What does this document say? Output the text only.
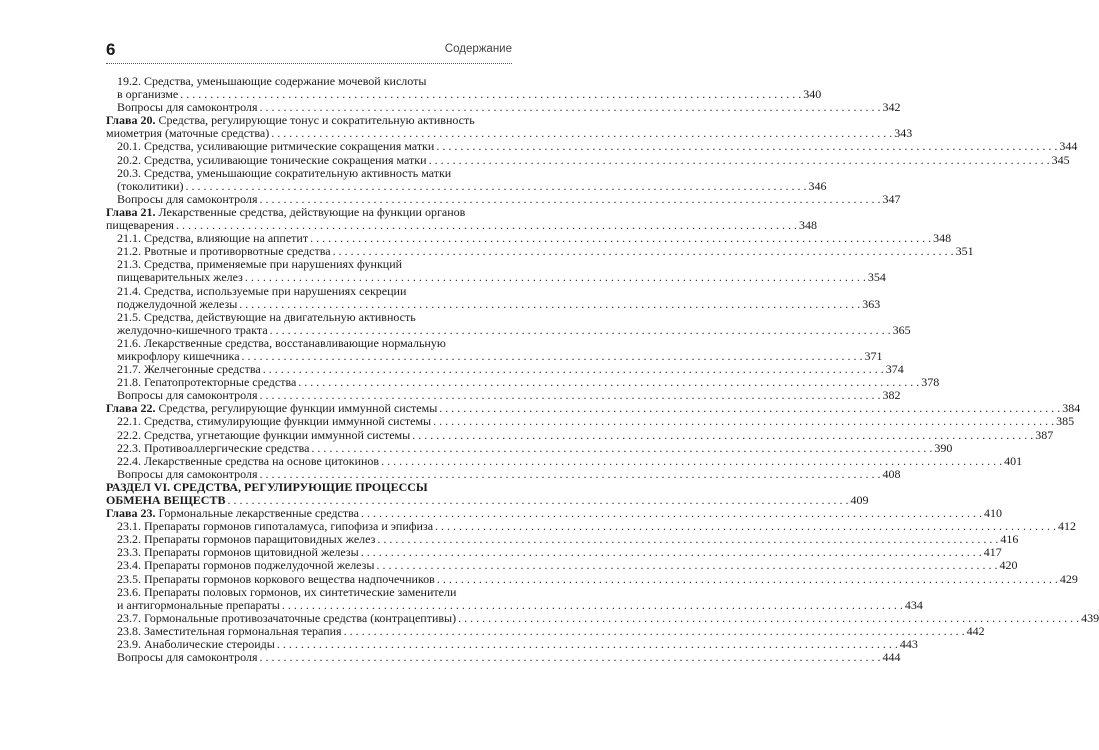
6	Содержание
19.2. Средства, уменьшающие содержание мочевой кислоты
в организме . . .	340
Вопросы для самоконтроля . . .	342
Глава 20. Средства, регулирующие тонус и сократительную активность
миометрия (маточные средства) . . .	343
20.1. Средства, усиливающие ритмические сокращения матки . . .	344
20.2. Средства, усиливающие тонические сокращения матки . . .	345
20.3. Средства, уменьшающие сократительную активность матки
(токолитики) . . .	346
Вопросы для самоконтроля . . .	347
Глава 21. Лекарственные средства, действующие на функции органов
пищеварения . . .	348
21.1. Средства, влияющие на аппетит . . .	348
21.2. Рвотные и противорвотные средства . . .	351
21.3. Средства, применяемые при нарушениях функций
пищеварительных желез . . .	354
21.4. Средства, используемые при нарушениях секреции
поджелудочной железы . . .	363
21.5. Средства, действующие на двигательную активность
желудочно-кишечного тракта . . .	365
21.6. Лекарственные средства, восстанавливающие нормальную
микрофлору кишечника . . .	371
21.7. Желчегонные средства . . .	374
21.8. Гепатопротекторные средства . . .	378
Вопросы для самоконтроля . . .	382
Глава 22. Средства, регулирующие функции иммунной системы . . .	384
22.1. Средства, стимулирующие функции иммунной системы . . .	385
22.2. Средства, угнетающие функции иммунной системы . . .	387
22.3. Противоаллергические средства . . .	390
22.4. Лекарственные средства на основе цитокинов . . .	401
Вопросы для самоконтроля . . .	408
РАЗДЕЛ VI. СРЕДСТВА, РЕГУЛИРУЮЩИЕ ПРОЦЕССЫ
ОБМЕНА ВЕЩЕСТВ . . .	409
Глава 23. Гормональные лекарственные средства . . .	410
23.1. Препараты гормонов гипоталамуса, гипофиза и эпифиза . . .	412
23.2. Препараты гормонов паращитовидных желез . . .	416
23.3. Препараты гормонов щитовидной железы . . .	417
23.4. Препараты гормонов поджелудочной железы . . .	420
23.5. Препараты гормонов коркового вещества надпочечников . . .	429
23.6. Препараты половых гормонов, их синтетические заменители
и антигормональные препараты . . .	434
23.7. Гормональные противозачаточные средства (контрацептивы) . . .	439
23.8. Заместительная гормональная терапия . . .	442
23.9. Анаболические стероиды . . .	443
Вопросы для самоконтроля . . .	444
